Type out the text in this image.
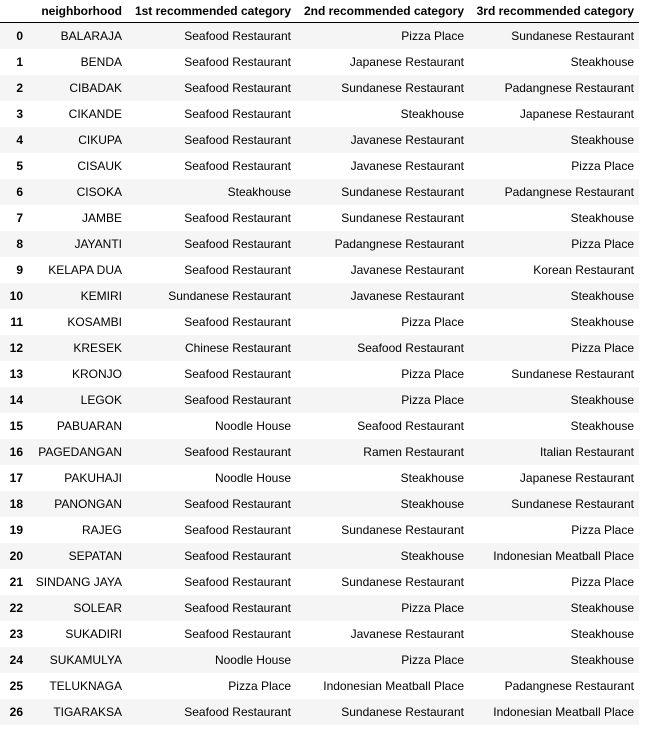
	neighborhood	1st recommended category	2nd recommended category	3rd recommended category
0	BALARAJA	Seafood Restaurant	Pizza Place	Sundanese Restaurant
1	BENDA	Seafood Restaurant	Japanese Restaurant	Steakhouse
2	CIBADAK	Seafood Restaurant	Sundanese Restaurant	Padangnese Restaurant
3	CIKANDE	Seafood Restaurant	Steakhouse	Japanese Restaurant
4	CIKUPA	Seafood Restaurant	Javanese Restaurant	Steakhouse
5	CISAUK	Seafood Restaurant	Javanese Restaurant	Pizza Place
6	CISOKA	Steakhouse	Sundanese Restaurant	Padangnese Restaurant
7	JAMBE	Seafood Restaurant	Sundanese Restaurant	Steakhouse
8	JAYANTI	Seafood Restaurant	Padangnese Restaurant	Pizza Place
9	KELAPA DUA	Seafood Restaurant	Javanese Restaurant	Korean Restaurant
10	KEMIRI	Sundanese Restaurant	Javanese Restaurant	Steakhouse
11	KOSAMBI	Seafood Restaurant	Pizza Place	Steakhouse
12	KRESEK	Chinese Restaurant	Seafood Restaurant	Pizza Place
13	KRONJO	Seafood Restaurant	Pizza Place	Sundanese Restaurant
14	LEGOK	Seafood Restaurant	Pizza Place	Steakhouse
15	PABUARAN	Noodle House	Seafood Restaurant	Steakhouse
16	PAGEDANGAN	Seafood Restaurant	Ramen Restaurant	Italian Restaurant
17	PAKUHAJI	Noodle House	Steakhouse	Japanese Restaurant
18	PANONGAN	Seafood Restaurant	Steakhouse	Sundanese Restaurant
19	RAJEG	Seafood Restaurant	Sundanese Restaurant	Pizza Place
20	SEPATAN	Seafood Restaurant	Steakhouse	Indonesian Meatball Place
21	SINDANG JAYA	Seafood Restaurant	Sundanese Restaurant	Pizza Place
22	SOLEAR	Seafood Restaurant	Pizza Place	Steakhouse
23	SUKADIRI	Seafood Restaurant	Javanese Restaurant	Steakhouse
24	SUKAMULYA	Noodle House	Pizza Place	Steakhouse
25	TELUKNAGA	Pizza Place	Indonesian Meatball Place	Padangnese Restaurant
26	TIGARAKSA	Seafood Restaurant	Sundanese Restaurant	Indonesian Meatball Place
